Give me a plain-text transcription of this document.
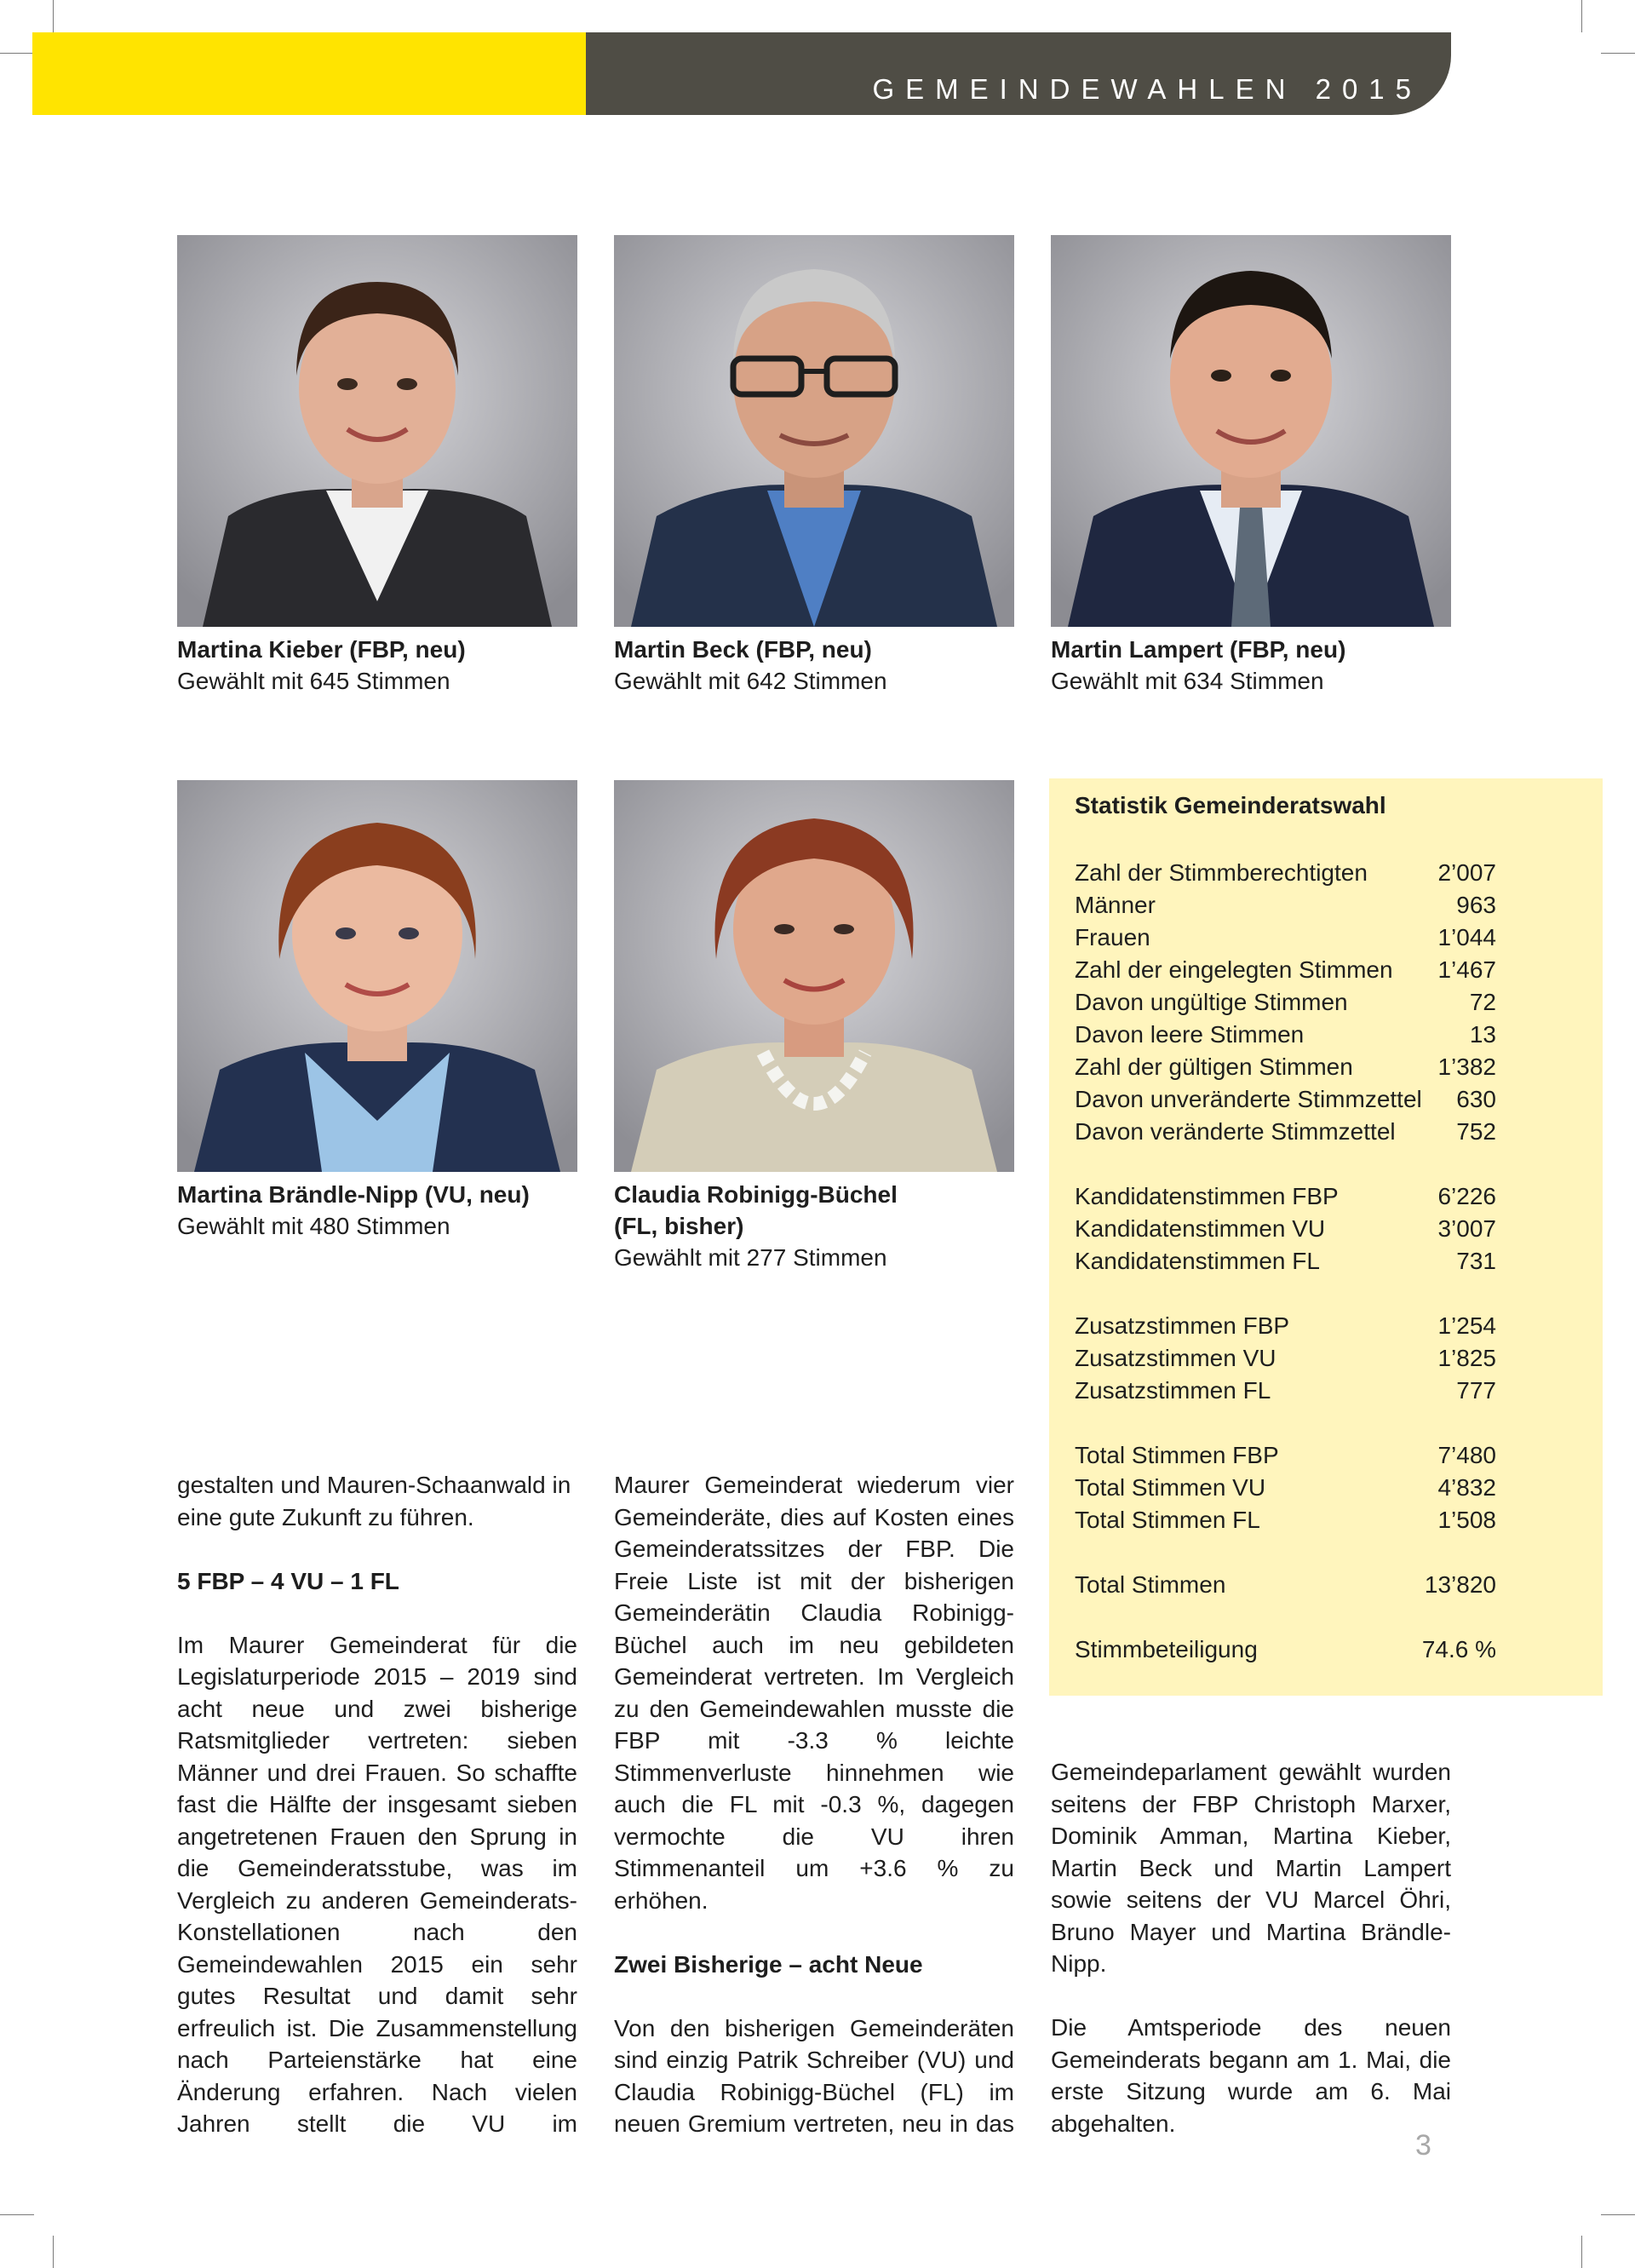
GEMEINDEWAHLEN 2015
Martina Kieber (FBP, neu)
Gewählt mit 645 Stimmen
Martin Beck (FBP, neu)
Gewählt mit 642 Stimmen
Martin Lampert (FBP, neu)
Gewählt mit 634 Stimmen
Martina Brändle-Nipp (VU, neu)
Gewählt mit 480 Stimmen
Claudia Robinigg-Büchel
(FL, bisher)
Gewählt mit 277 Stimmen
Statistik Gemeinderatswahl
Zahl der Stimmberechtigten	2’007
Männer	963
Frauen	1’044
Zahl der eingelegten Stimmen 1’467
Davon ungültige Stimmen	72
Davon leere Stimmen	13
Zahl der gültigen Stimmen	1’382
Davon unveränderte Stimmzettel 630
Davon veränderte Stimmzettel	752
Kandidatenstimmen FBP	6’226
Kandidatenstimmen VU	3’007
Kandidatenstimmen FL	731
Zusatzstimmen FBP	1’254
Zusatzstimmen VU	1’825
Zusatzstimmen FL	777
Total Stimmen FBP	7’480
Total Stimmen VU	4’832
Total Stimmen FL	1’508
Total Stimmen	13’820
Stimmbeteiligung	74.6 %

gestalten und Mauren-Schaanwald in

eine gute Zukunft zu führen.

5 FBP – 4 VU – 1 FL

Im Maurer Gemeinderat für die Legislaturperiode 2015 – 2019 sind acht neue und zwei bisherige Ratsmitglieder vertreten: sieben Männer und drei Frauen. So schaffte fast die Hälfte der insgesamt sieben angetretenen Frauen den Sprung in die Gemeinderatsstube, was im Vergleich zu anderen Gemeinderats-Konstellationen nach den Gemeindewahlen 2015 ein sehr gutes Resultat und damit sehr erfreulich ist. Die Zusammenstellung nach Parteienstärke hat eine Änderung erfahren. Nach vielen Jahren stellt die VU im

Maurer Gemeinderat wiederum vier Gemeinderäte, dies auf Kosten eines Gemeinderatssitzes der FBP. Die Freie Liste ist mit der bisherigen Gemeinderätin Claudia Robinigg-Büchel auch im neu gebildeten Gemeinderat vertreten. Im Vergleich zu den Gemeindewahlen musste die FBP mit -3.3 % leichte Stimmenverluste hinnehmen wie auch die FL mit -0.3 %, dagegen vermochte die VU ihren Stimmenanteil um +3.6 % zu erhöhen.

Zwei Bisherige – acht Neue

Von den bisherigen Gemeinderäten sind einzig Patrik Schreiber (VU) und Claudia Robinigg-Büchel (FL) im neuen Gremium vertreten, neu in das

Gemeindeparlament gewählt wurden seitens der FBP Christoph Marxer, Dominik Amman, Martina Kieber, Martin Beck und Martin Lampert sowie seitens der VU Marcel Öhri, Bruno Mayer und Martina Brändle-Nipp.

Die Amtsperiode des neuen Gemeinderats begann am 1. Mai, die erste Sitzung wurde am 6. Mai abgehalten.

3
